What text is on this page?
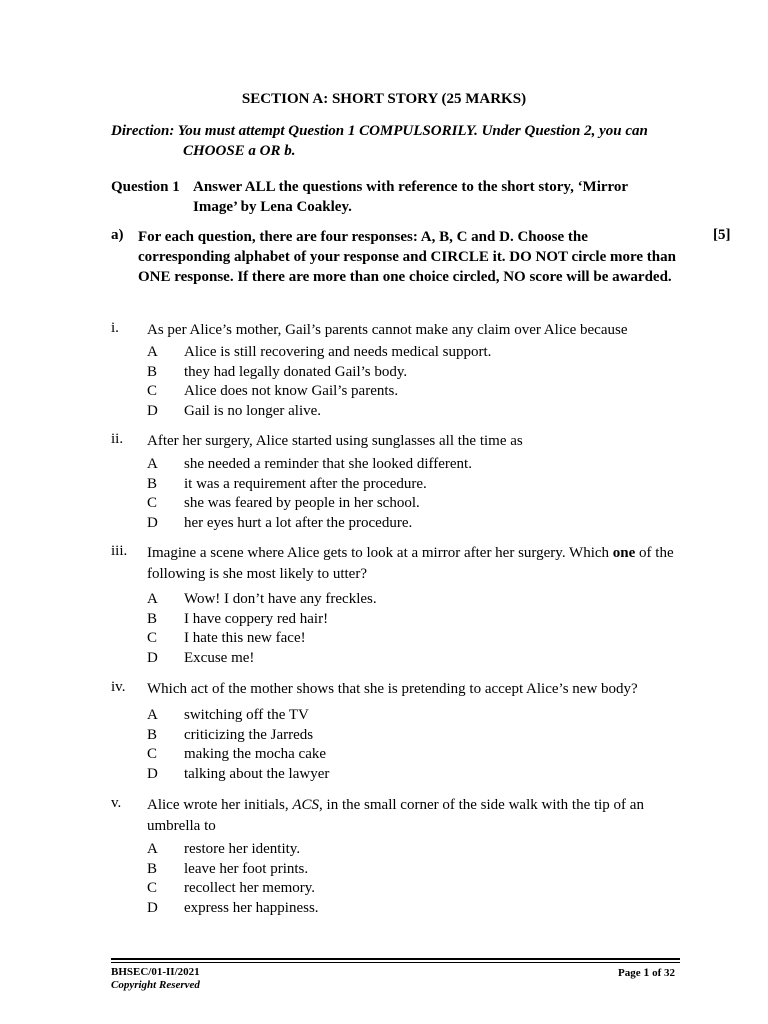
SECTION A: SHORT STORY (25 MARKS)
Direction: You must attempt Question 1 COMPULSORILY. Under Question 2, you can
CHOOSE a OR b.
Question 1 Answer ALL the questions with reference to the short story, ‘Mirror Image’ by Lena Coakley.
a) For each question, there are four responses: A, B, C and D. Choose the corresponding alphabet of your response and CIRCLE it. DO NOT circle more than ONE response. If there are more than one choice circled, NO score will be awarded.
[5]
i. As per Alice’s mother, Gail’s parents cannot make any claim over Alice because
A Alice is still recovering and needs medical support.
B they had legally donated Gail’s body.
C Alice does not know Gail’s parents.
D Gail is no longer alive.
ii. After her surgery, Alice started using sunglasses all the time as
A she needed a reminder that she looked different.
B it was a requirement after the procedure.
C she was feared by people in her school.
D her eyes hurt a lot after the procedure.
iii. Imagine a scene where Alice gets to look at a mirror after her surgery. Which one of the following is she most likely to utter?
A Wow! I don’t have any freckles.
B I have coppery red hair!
C I hate this new face!
D Excuse me!
iv. Which act of the mother shows that she is pretending to accept Alice’s new body?
A switching off the TV
B criticizing the Jarreds
C making the mocha cake
D talking about the lawyer
v. Alice wrote her initials, ACS, in the small corner of the side walk with the tip of an umbrella to
A restore her identity.
B leave her foot prints.
C recollect her memory.
D express her happiness.
BHSEC/01-II/2021
Copyright Reserved
Page 1 of 32
